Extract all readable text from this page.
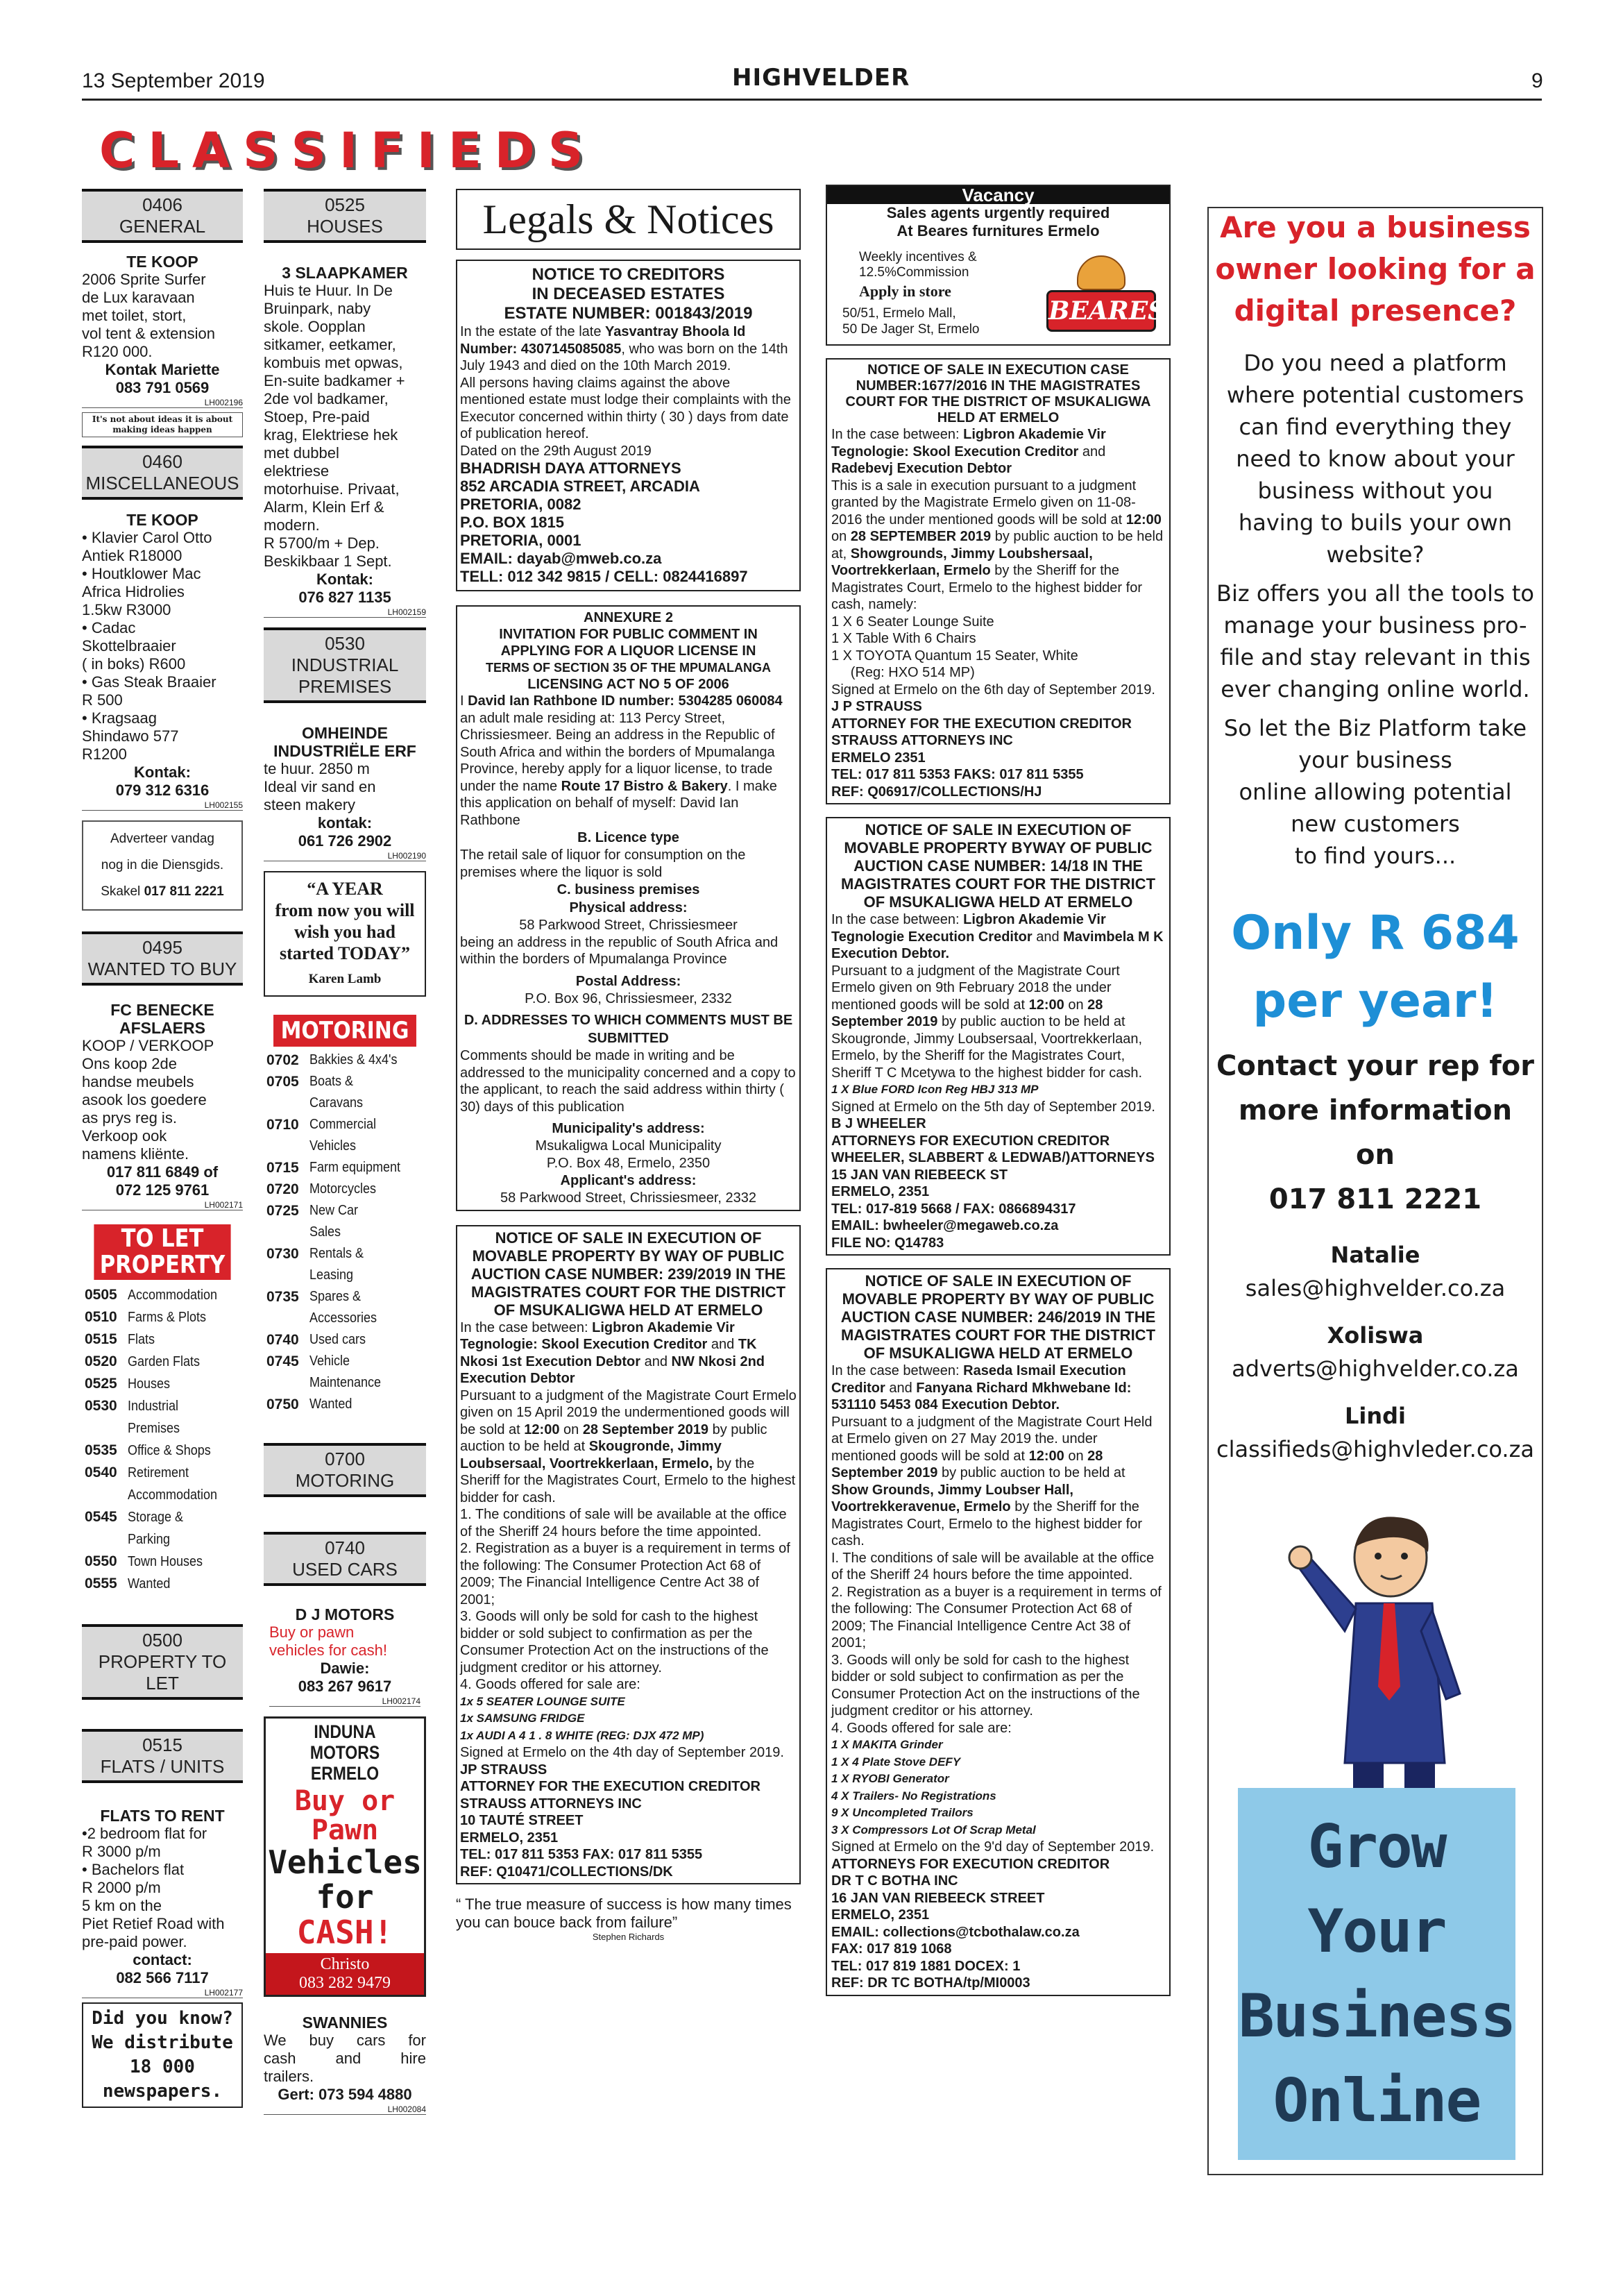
13 September 2019	HIGHVELDER	9
C L A S S I F I E D S
0406
GENERAL
TE KOOP
2006 Sprite Surfer
de Lux karavaan
met toilet, stort,
vol tent & extension
R120 000.
Kontak Mariette
083 791 0569
LH002196
It's not about ideas it is about making ideas happen
0460
MISCELLANEOUS
TE KOOP
• Klavier Carol Otto
Antiek R18000
• Houtklower Mac
Africa Hidrolies
1.5kw R3000
• Cadac
Skottelbraaier
( in boks) R600
• Gas Steak Braaier
R 500
• Kragsaag
Shindawo 577
R1200
Kontak:
079 312 6316
LH002155
Adverteer vandag
nog in die Diensgids.
Skakel 017 811 2221
0495
WANTED TO BUY
FC BENECKE
AFSLAERS
KOOP / VERKOOP
Ons koop 2de
handse meubels
asook los goedere
as prys reg is.
Verkoop ook
namens kliënte.
017 811 6849 of
072 125 9761
LH002171
TO LET
PROPERTY
0505 Accommodation
0510 Farms & Plots
0515 Flats
0520 Garden Flats
0525 Houses
0530 Industrial
Premises
0535 Office & Shops
0540 Retirement
Accommodation
0545 Storage &
Parking
0550 Town Houses
0555 Wanted
0500
PROPERTY TO LET
0515
FLATS / UNITS
FLATS TO RENT
•2 bedroom flat for
R 3000 p/m
• Bachelors flat
R 2000 p/m
5 km on the
Piet Retief Road with
pre-paid power.
contact:
082 566 7117
LH002177
Did you know?
We distribute
18 000
newspapers.
0525
HOUSES
3 SLAAPKAMER
Huis te Huur. In De
Bruinpark, naby
skole. Oopplan
sitkamer, eetkamer,
kombuis met opwas,
En-suite badkamer +
2de vol badkamer,
Stoep, Pre-paid
krag, Elektriese hek
met dubbel
elektriese
motorhuise. Privaat,
Alarm, Klein Erf &
modern.
R 5700/m + Dep.
Beskikbaar 1 Sept.
Kontak:
076 827 1135
LH002159
0530
INDUSTRIAL
PREMISES
OMHEINDE
INDUSTRIËLE ERF
te huur. 2850 m
Ideal vir sand en
steen makery
kontak:
061 726 2902
LH002190
“A YEAR
from now you will
wish you had
started TODAY”
Karen Lamb
MOTORING
0702 Bakkies & 4x4's
0705 Boats &
Caravans
0710 Commercial
Vehicles
0715 Farm equipment
0720 Motorcycles
0725 New Car
Sales
0730 Rentals &
Leasing
0735 Spares &
Accessories
0740 Used cars
0745 Vehicle
Maintenance
0750 Wanted
0700
MOTORING
0740
USED CARS
D J MOTORS
Buy or pawn
vehicles for cash!
Dawie:
083 267 9617
LH002174
INDUNA MOTORS
ERMELO
Buy or
Pawn
Vehicles
for
CASH!
Christo
083 282 9479
SWANNIES
We buy cars for
cash and hire
trailers.
Gert: 073 594 4880
LH002084
Legals & Notices
NOTICE TO CREDITORS
IN DECEASED ESTATES
ESTATE NUMBER: 001843/2019

In the estate of the late Yasvantray Bhoola Id Number: 4307145085085, who was born on the 14th July 1943 and died on the 10th March 2019.

All persons having claims against the above mentioned estate must lodge their complaints with the Executor concerned within thirty ( 30 ) days from date of publication hereof.

Dated on the 29th August 2019

BHADRISH DAYA ATTORNEYS
852 ARCADIA STREET, ARCADIA
PRETORIA, 0082
P.O. BOX 1815
PRETORIA, 0001
EMAIL: dayab@mweb.co.za
TELL: 012 342 9815 / CELL: 0824416897
ANNEXURE 2
INVITATION FOR PUBLIC COMMENT IN
APPLYING FOR A LIQUOR LICENSE IN
TERMS OF SECTION 35 OF THE MPUMALANGA
LICENSING ACT NO 5 OF 2006

I David Ian Rathbone ID number: 5304285 060084 an adult male residing at: 113 Percy Street, Chrissiesmeer. Being an address in the Republic of South Africa and within the borders of Mpumalanga Province, hereby apply for a liquor license, to trade under the name Route 17 Bistro & Bakery. I make this application on behalf of myself: David Ian Rathbone

B. Licence type

The retail sale of liquor for consumption on the premises where the liquor is sold

C. business premises
Physical address:
58 Parkwood Street, Chrissiesmeer

being an address in the republic of South Africa and within the borders of Mpumalanga Province

Postal Address:
P.O. Box 96, Chrissiesmeer, 2332
D. ADDRESSES TO WHICH COMMENTS MUST BE SUBMITTED

Comments should be made in writing and be addressed to the municipality concerned and a copy to the applicant, to reach the said address within thirty ( 30) days of this publication

Municipality's address:
Msukaligwa Local Municipality
P.O. Box 48, Ermelo, 2350
Applicant's address:
58 Parkwood Street, Chrissiesmeer, 2332
NOTICE OF SALE IN EXECUTION OF MOVABLE PROPERTY BY WAY OF PUBLIC AUCTION CASE NUMBER: 239/2019 IN THE MAGISTRATES COURT FOR THE DISTRICT OF MSUKALIGWA HELD AT ERMELO

In the case between: Ligbron Akademie Vir Tegnologie: Skool Execution Creditor and TK Nkosi 1st Execution Debtor and NW Nkosi 2nd Execution Debtor

Pursuant to a judgment of the Magistrate Court Ermelo given on 15 April 2019 the undermentioned goods will be sold at 12:00 on 28 September 2019 by public auction to be held at Skougronde, Jimmy Loubsersaal, Voortrekkerlaan, Ermelo, by the Sheriff for the Magistrates Court, Ermelo to the highest bidder for cash.

1. The conditions of sale will be available at the office of the Sheriff 24 hours before the time appointed.

2. Registration as a buyer is a requirement in terms of the following: The Consumer Protection Act 68 of 2009; The Financial Intelligence Centre Act 38 of 2001;

3. Goods will only be sold for cash to the highest bidder or sold subject to confirmation as per the Consumer Protection Act on the instructions of the judgment creditor or his attorney.

4. Goods offered for sale are:

1x 5 SEATER LOUNGE SUITE
1x SAMSUNG FRIDGE
1x AUDI A 4 1 . 8 WHITE (REG: DJX 472 MP)

Signed at Ermelo on the 4th day of September 2019.

JP STRAUSS
ATTORNEY FOR THE EXECUTION CREDITOR
STRAUSS ATTORNEYS INC
10 TAUTÉ STREET
ERMELO, 2351
TEL: 017 811 5353 FAX: 017 811 5355
REF: Q10471/COLLECTIONS/DK
“ The true measure of success is how many times you can bouce back from failure”
Stephen Richards
Vacancy
Sales agents urgently required
At Beares furnitures Ermelo
Weekly incentives &
12.5%Commission
Apply in store
50/51, Ermelo Mall,
50 De Jager St, Ermelo
BEARES
NOTICE OF SALE IN EXECUTION CASE NUMBER:1677/2016 IN THE MAGISTRATES COURT FOR THE DISTRICT OF MSUKALIGWA HELD AT ERMELO

In the case between: Ligbron Akademie Vir Tegnologie: Skool Execution Creditor and Radebevj Execution Debtor

This is a sale in execution pursuant to a judgment granted by the Magistrate Ermelo given on 11-08-2016 the under mentioned goods will be sold at 12:00 on 28 SEPTEMBER 2019 by public auction to be held at, Showgrounds, Jimmy Loubshersaal, Voortrekkerlaan, Ermelo by the Sheriff for the Magistrates Court, Ermelo to the highest bidder for cash, namely:

1 X 6 Seater Lounge Suite
1 X Table With 6 Chairs
1 X TOYOTA Quantum 15 Seater, White
(Reg: HXO 514 MP)

Signed at Ermelo on the 6th day of September 2019.

J P STRAUSS
ATTORNEY FOR THE EXECUTION CREDITOR
STRAUSS ATTORNEYS INC
ERMELO 2351
TEL: 017 811 5353 FAKS: 017 811 5355
REF: Q06917/COLLECTIONS/HJ
NOTICE OF SALE IN EXECUTION OF MOVABLE PROPERTY BYWAY OF PUBLIC AUCTION CASE NUMBER: 14/18 IN THE MAGISTRATES COURT FOR THE DISTRICT OF MSUKALIGWA HELD AT ERMELO

In the case between: Ligbron Akademie Vir Tegnologie Execution Creditor and Mavimbela M K Execution Debtor.

Pursuant to a judgment of the Magistrate Court Ermelo given on 9th February 2018 the under mentioned goods will be sold at 12:00 on 28 September 2019 by public auction to be held at Skougronde, Jimmy Loubsersaal, Voortrekkerlaan, Ermelo, by the Sheriff for the Magistrates Court, Sheriff T C Mcetywa to the highest bidder for cash.

1 X Blue FORD Icon Reg HBJ 313 MP

Signed at Ermelo on the 5th day of September 2019.

B J WHEELER
ATTORNEYS FOR EXECUTION CREDITOR
WHEELER, SLABBERT & LEDWAB/)ATTORNEYS
15 JAN VAN RIEBEECK ST
ERMELO, 2351
TEL: 017-819 5668 / FAX: 0866894317
EMAIL: bwheeler@megaweb.co.za
FILE NO: Q14783
NOTICE OF SALE IN EXECUTION OF MOVABLE PROPERTY BY WAY OF PUBLIC AUCTION CASE NUMBER: 246/2019 IN THE MAGISTRATES COURT FOR THE DISTRICT OF MSUKALIGWA HELD AT ERMELO

In the case between: Raseda Ismail Execution Creditor and Fanyana Richard Mkhwebane Id: 531110 5453 084 Execution Debtor.

Pursuant to a judgment of the Magistrate Court Held at Ermelo given on 27 May 2019 the. under mentioned goods will be sold at 12:00 on 28 September 2019 by public auction to be held at Show Grounds, Jimmy Loubser Hall, Voortrekkeravenue, Ermelo by the Sheriff for the Magistrates Court, Ermelo to the highest bidder for cash.

I. The conditions of sale will be available at the office of the Sheriff 24 hours before the time appointed.

2. Registration as a buyer is a requirement in terms of the following: The Consumer Protection Act 68 of 2009; The Financial Intelligence Centre Act 38 of 2001;

3. Goods will only be sold for cash to the highest bidder or sold subject to confirmation as per the Consumer Protection Act on the instructions of the judgment creditor or his attorney.

4. Goods offered for sale are:

1 X MAKITA Grinder
1 X 4 Plate Stove DEFY
1 X RYOBI Generator
4 X Trailers- No Registrations
9 X Uncompleted Trailors
3 X Compressors Lot Of Scrap Metal

Signed at Ermelo on the 9'd day of September 2019.

ATTORNEYS FOR EXECUTION CREDITOR
DR T C BOTHA INC
16 JAN VAN RIEBEECK STREET
ERMELO, 2351
EMAIL: collections@tcbothalaw.co.za
FAX: 017 819 1068
TEL: 017 819 1881 DOCEX: 1
REF: DR TC BOTHA/tp/MI0003
Are you a business
owner looking for a
digital presence?
Do you need a platform
where potential customers
can find everything they
need to know about your
business without you
having to buils your own
website?
Biz offers you all the tools to
manage your business pro-
file and stay relevant in this
ever changing online world.
So let the Biz Platform take
your business
online allowing potential
new customers
to find yours...
Only R 684
per year!
Contact your rep for
more information
on
017 811 2221
Natalie
sales@highvelder.co.za
Xoliswa
adverts@highvelder.co.za
Lindi
classifieds@highvleder.co.za
Grow
Your
Business
Online
